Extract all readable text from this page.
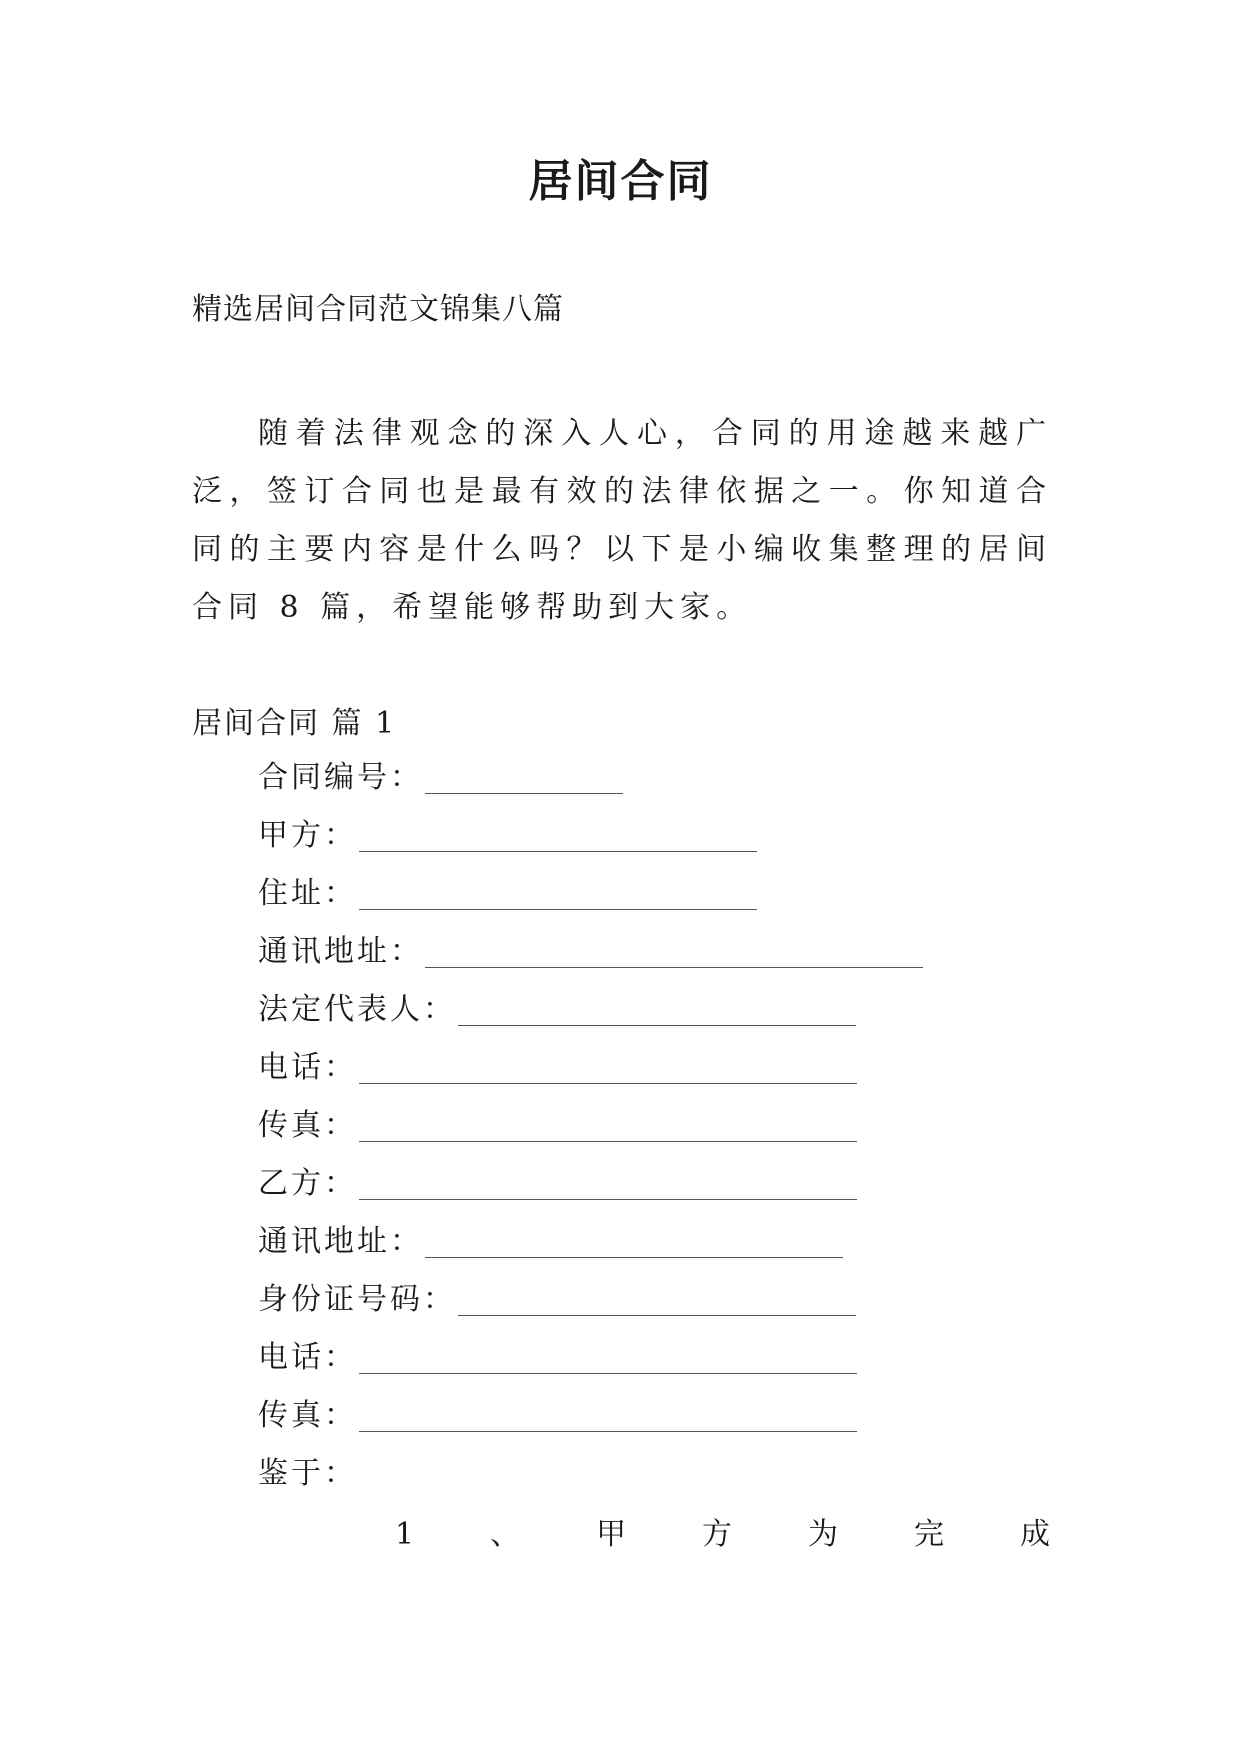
居间合同
精选居间合同范文锦集八篇
随着法律观念的深入人心，合同的用途越来越广泛，签订合同也是最有效的法律依据之一。你知道合同的主要内容是什么吗？以下是小编收集整理的居间合同 8 篇，希望能够帮助到大家。
居间合同 篇 1
合同编号：
甲方：
住址：
通讯地址：
法定代表人：
电话：
传真：
乙方：
通讯地址：
身份证号码：
电话：
传真：
鉴于：
1	、	甲	方	为	完	成
